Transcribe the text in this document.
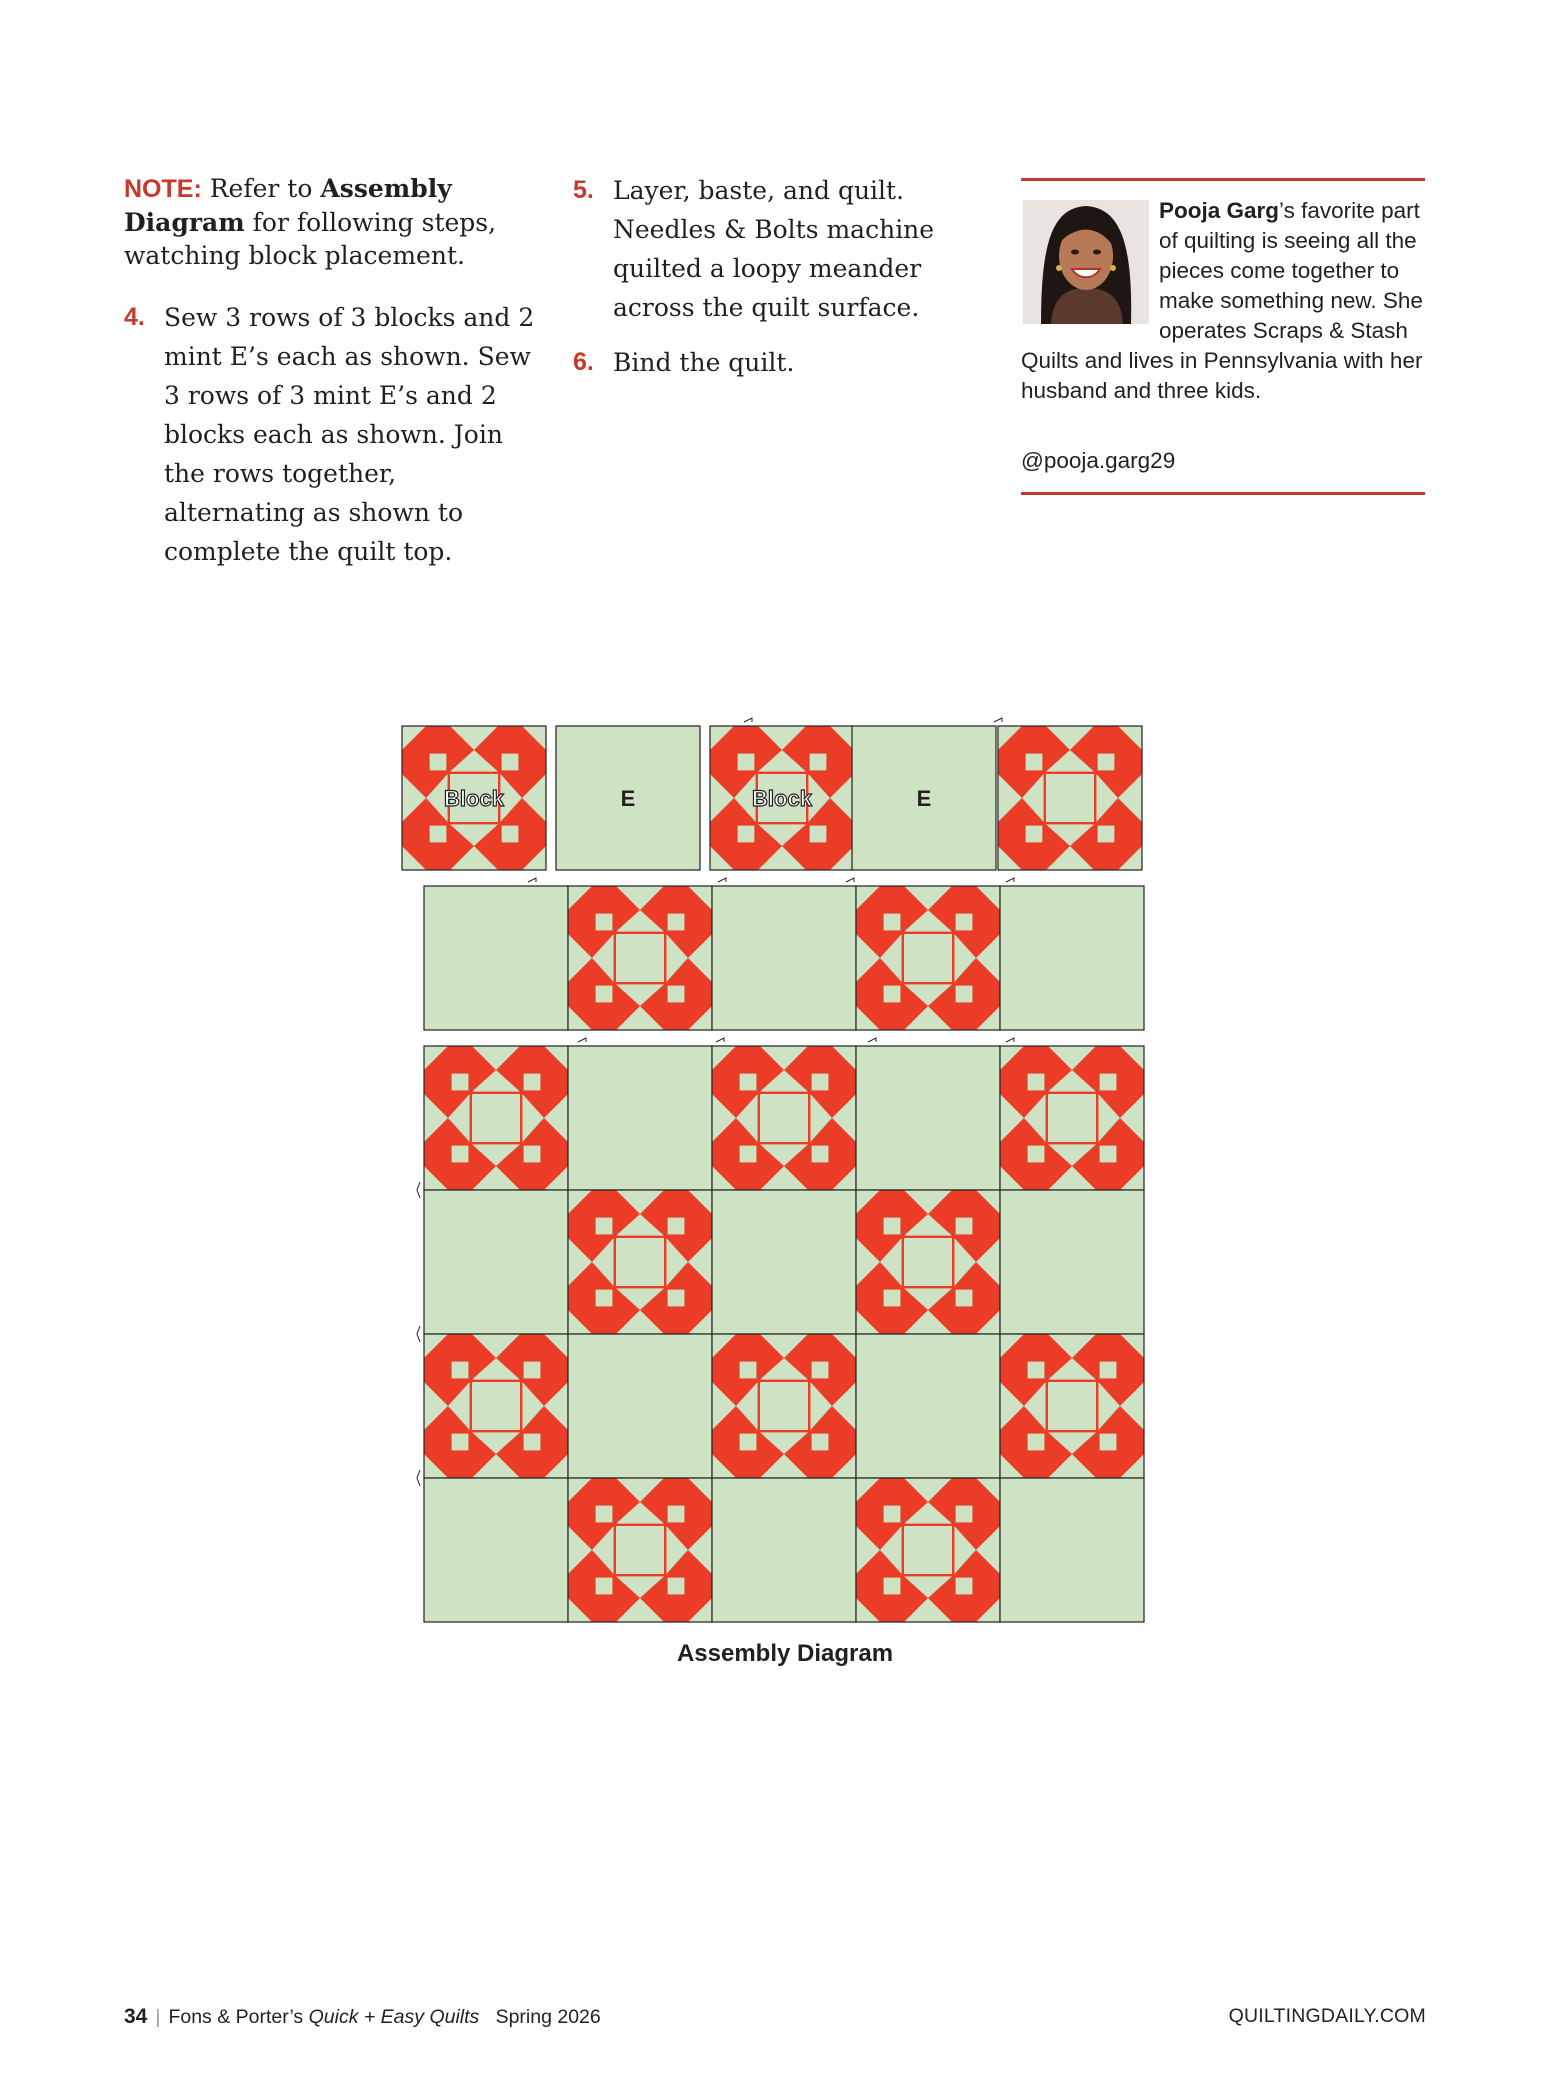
NOTE: Refer to Assembly Diagram for following steps, watching block placement.
4. Sew 3 rows of 3 blocks and 2 mint E’s each as shown. Sew 3 rows of 3 mint E’s and 2 blocks each as shown. Join the rows together, alternating as shown to complete the quilt top.
5. Layer, baste, and quilt. Needles & Bolts machine quilted a loopy meander across the quilt surface.
6. Bind the quilt.
Pooja Garg’s favorite part of quilting is seeing all the pieces come together to make something new. She operates Scraps & Stash Quilts and lives in Pennsylvania with her husband and three kids.
@pooja.garg29
Block	E	Block	E
Assembly Diagram
34 | Fons & Porter’s Quick + Easy Quilts Spring 2026	QUILTINGDAILY.COM
